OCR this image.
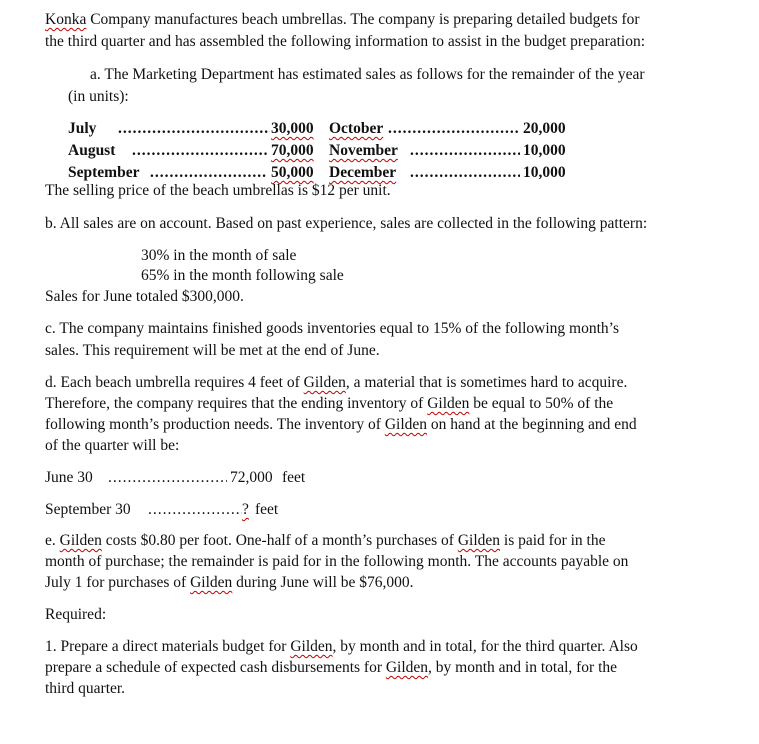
Konka Company manufactures beach umbrellas. The company is preparing detailed budgets for
the third quarter and has assembled the following information to assist in the budget preparation:
a. The Marketing Department has estimated sales as follows for the remainder of the year
(in units):
July .....	30,000 October .....	20,000
August .....	70,000 November .....	10,000
September .....	50,000 December .....	10,000
The selling price of the beach umbrellas is $12 per unit.
b. All sales are on account. Based on past experience, sales are collected in the following pattern:
30% in the month of sale
65% in the month following sale
Sales for June totaled $300,000.
c. The company maintains finished goods inventories equal to 15% of the following month’s
sales. This requirement will be met at the end of June.
d. Each beach umbrella requires 4 feet of Gilden, a material that is sometimes hard to acquire.
Therefore, the company requires that the ending inventory of Gilden be equal to 50% of the
following month’s production needs. The inventory of Gilden on hand at the beginning and end
of the quarter will be:
June 30 .....	72,000 feet
September 30 .....	? feet
e. Gilden costs $0.80 per foot. One-half of a month’s purchases of Gilden is paid for in the
month of purchase; the remainder is paid for in the following month. The accounts payable on
July 1 for purchases of Gilden during June will be $76,000.
Required:
1. Prepare a direct materials budget for Gilden, by month and in total, for the third quarter. Also
prepare a schedule of expected cash disbursements for Gilden, by month and in total, for the
third quarter.
